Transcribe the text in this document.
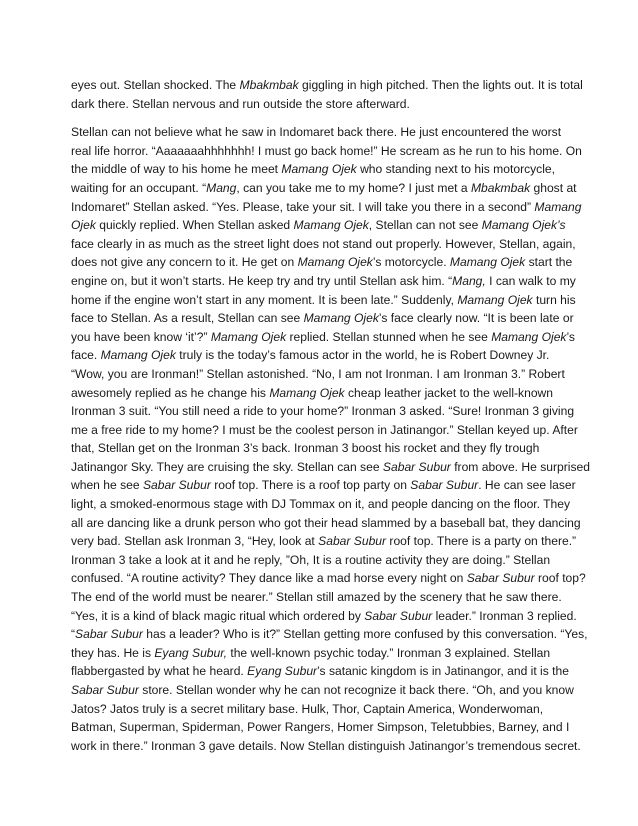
eyes out. Stellan shocked. The Mbakmbak giggling in high pitched. Then the lights out. It is total
dark there. Stellan nervous and run outside the store afterward.

Stellan can not believe what he saw in Indomaret back there. He just encountered the worst
real life horror. “Aaaaaaahhhhhhh! I must go back home!” He scream as he run to his home. On
the middle of way to his home he meet Mamang Ojek who standing next to his motorcycle,
waiting for an occupant. “Mang, can you take me to my home? I just met a Mbakmbak ghost at
Indomaret” Stellan asked. “Yes. Please, take your sit. I will take you there in a second” Mamang
Ojek quickly replied. When Stellan asked Mamang Ojek, Stellan can not see Mamang Ojek’s
face clearly in as much as the street light does not stand out properly. However, Stellan, again,
does not give any concern to it. He get on Mamang Ojek’s motorcycle. Mamang Ojek start the
engine on, but it won’t starts. He keep try and try until Stellan ask him. “Mang, I can walk to my
home if the engine won’t start in any moment. It is been late.” Suddenly, Mamang Ojek turn his
face to Stellan. As a result, Stellan can see Mamang Ojek’s face clearly now. “It is been late or
you have been know ‘it’?” Mamang Ojek replied. Stellan stunned when he see Mamang Ojek’s
face. Mamang Ojek truly is the today’s famous actor in the world, he is Robert Downey Jr.
“Wow, you are Ironman!” Stellan astonished. “No, I am not Ironman. I am Ironman 3.” Robert
awesomely replied as he change his Mamang Ojek cheap leather jacket to the well-known
Ironman 3 suit. “You still need a ride to your home?” Ironman 3 asked. “Sure! Ironman 3 giving
me a free ride to my home? I must be the coolest person in Jatinangor.” Stellan keyed up. After
that, Stellan get on the Ironman 3’s back. Ironman 3 boost his rocket and they fly trough
Jatinangor Sky. They are cruising the sky. Stellan can see Sabar Subur from above. He surprised
when he see Sabar Subur roof top. There is a roof top party on Sabar Subur. He can see laser
light, a smoked-enormous stage with DJ Tommax on it, and people dancing on the floor. They
all are dancing like a drunk person who got their head slammed by a baseball bat, they dancing
very bad. Stellan ask Ironman 3, “Hey, look at Sabar Subur roof top. There is a party on there.”
Ironman 3 take a look at it and he reply, ”Oh, It is a routine activity they are doing.” Stellan
confused. “A routine activity? They dance like a mad horse every night on Sabar Subur roof top?
The end of the world must be nearer.” Stellan still amazed by the scenery that he saw there.
“Yes, it is a kind of black magic ritual which ordered by Sabar Subur leader.” Ironman 3 replied.
“Sabar Subur has a leader? Who is it?” Stellan getting more confused by this conversation. “Yes,
they has. He is Eyang Subur, the well-known psychic today.” Ironman 3 explained. Stellan
flabbergasted by what he heard. Eyang Subur’s satanic kingdom is in Jatinangor, and it is the
Sabar Subur store. Stellan wonder why he can not recognize it back there. “Oh, and you know
Jatos? Jatos truly is a secret military base. Hulk, Thor, Captain America, Wonderwoman,
Batman, Superman, Spiderman, Power Rangers, Homer Simpson, Teletubbies, Barney, and I
work in there.” Ironman 3 gave details. Now Stellan distinguish Jatinangor’s tremendous secret.
